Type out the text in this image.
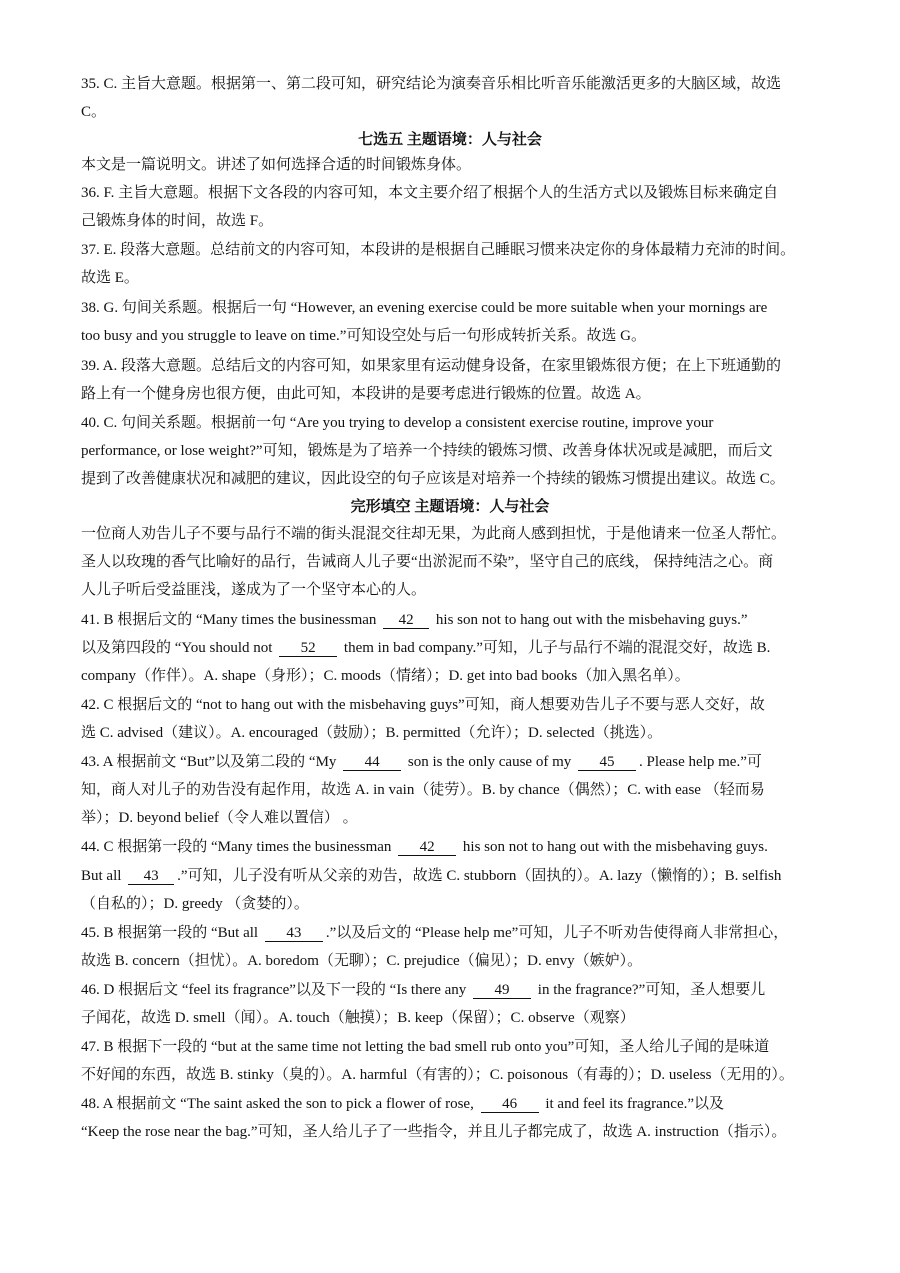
35. C. 主旨大意题。根据第一、第二段可知，研究结论为演奏音乐相比听音乐能激活更多的大脑区域，故选
C。
七选五 主题语境：人与社会
本文是一篇说明文。讲述了如何选择合适的时间锻炼身体。
36. F. 主旨大意题。根据下文各段的内容可知，本文主要介绍了根据个人的生活方式以及锻炼目标来确定自
己锻炼身体的时间，故选 F。
37. E. 段落大意题。总结前文的内容可知，本段讲的是根据自己睡眠习惯来决定你的身体最精力充沛的时间。
故选 E。
38. G. 句间关系题。根据后一句 “However, an evening exercise could be more suitable when your mornings are
too busy and you struggle to leave on time.”可知设空处与后一句形成转折关系。故选 G。
39. A. 段落大意题。总结后文的内容可知，如果家里有运动健身设备，在家里锻炼很方便；在上下班通勤的
路上有一个健身房也很方便，由此可知，本段讲的是要考虑进行锻炼的位置。故选 A。
40. C. 句间关系题。根据前一句 “Are you trying to develop a consistent exercise routine, improve your
performance, or lose weight?”可知，锻炼是为了培养一个持续的锻炼习惯、改善身体状况或是减肥，而后文
提到了改善健康状况和减肥的建议，因此设空的句子应该是对培养一个持续的锻炼习惯提出建议。故选 C。
完形填空 主题语境：人与社会
一位商人劝告儿子不要与品行不端的街头混混交往却无果，为此商人感到担忧，于是他请来一位圣人帮忙。
圣人以玫瑰的香气比喻好的品行，告诫商人儿子要“出淤泥而不染”，坚守自己的底线， 保持纯洁之心。商
人儿子听后受益匪浅，遂成为了一个坚守本心的人。
41. B 根据后文的 “Many times the businessman 42 his son not to hang out with the misbehaving guys.”
以及第四段的 “You should not 52 them in bad company.”可知，儿子与品行不端的混混交好，故选 B.
company（作伴）。A. shape（身形）；C. moods（情绪）；D. get into bad books（加入黑名单）。
42. C 根据后文的 “not to hang out with the misbehaving guys”可知，商人想要劝告儿子不要与恶人交好，故
选 C. advised（建议）。A. encouraged（鼓励）；B. permitted（允许）；D. selected（挑选）。
43. A 根据前文 “But”以及第二段的 “My 44 son is the only cause of my 45 . Please help me.”可
知，商人对儿子的劝告没有起作用，故选 A. in vain（徒劳）。B. by chance（偶然）；C. with ease （轻而易
举）；D. beyond belief（令人难以置信） 。
44. C 根据第一段的 “Many times the businessman 42 his son not to hang out with the misbehaving guys.
But all 43 .”可知，儿子没有听从父亲的劝告，故选 C. stubborn（固执的）。A. lazy（懒惰的）；B. selfish
（自私的）；D. greedy （贪婪的）。
45. B 根据第一段的 “But all 43 .”以及后文的 “Please help me”可知，儿子不听劝告使得商人非常担心，
故选 B. concern（担忧）。A. boredom（无聊）；C. prejudice（偏见）；D. envy（嫉妒）。
46. D 根据后文 “feel its fragrance”以及下一段的 “Is there any 49 in the fragrance?”可知，圣人想要儿
子闻花，故选 D. smell（闻）。A. touch（触摸）；B. keep（保留）；C. observe（观察）
47. B 根据下一段的 “but at the same time not letting the bad smell rub onto you”可知，圣人给儿子闻的是味道
不好闻的东西，故选 B. stinky（臭的）。A. harmful（有害的）；C. poisonous（有毒的）；D. useless（无用的）。
48. A 根据前文 “The saint asked the son to pick a flower of rose, 46 it and feel its fragrance.”以及
“Keep the rose near the bag.”可知，圣人给儿子了一些指令，并且儿子都完成了，故选 A. instruction（指示）。
